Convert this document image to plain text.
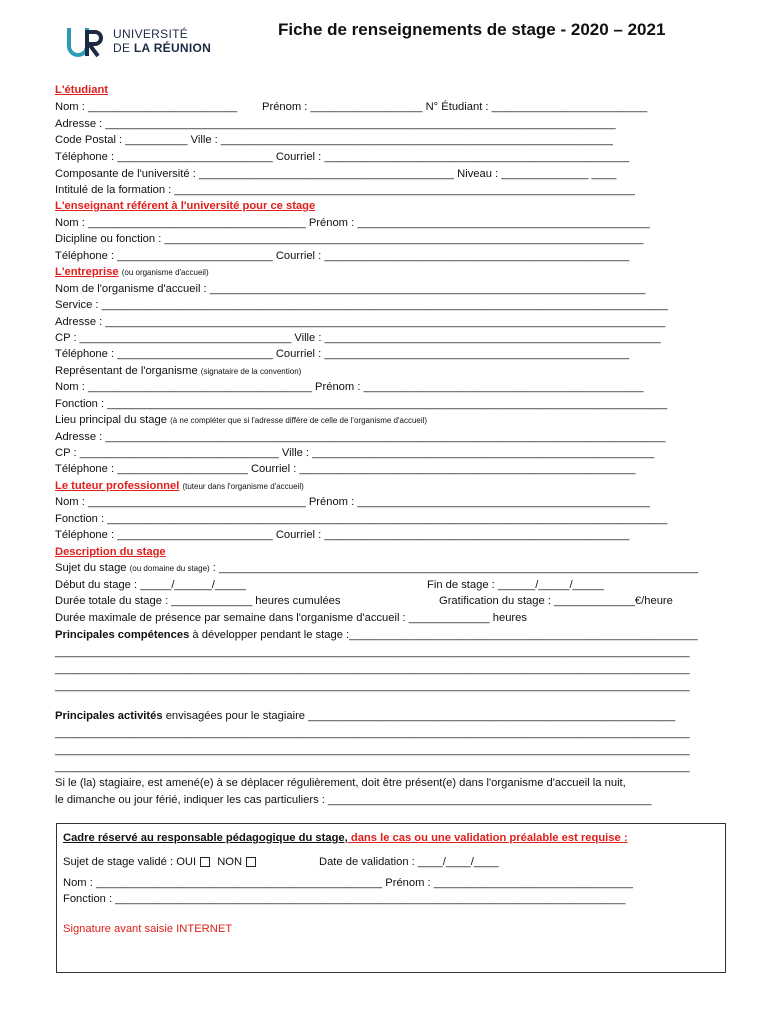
UNIVERSITÉ
DE LA RÉUNION
Fiche de renseignements de stage - 2020 – 2021
L'étudiant
Nom : ________________________ Prénom : __________________ N° Étudiant : _________________________
Adresse : __________________________________________________________________________________
Code Postal : __________ Ville : _______________________________________________________________
Téléphone : _________________________ Courriel : _________________________________________________
Composante de l'université : _________________________________________ Niveau : ______________ ____
Intitulé de la formation : __________________________________________________________________________
L'enseignant référent à l'université pour ce stage
Nom : ___________________________________ Prénom : _______________________________________________
Dicipline ou fonction : _____________________________________________________________________________
Téléphone : _________________________ Courriel : _________________________________________________
L'entreprise (ou organisme d'accueil)
Nom de l'organisme d'accueil : ______________________________________________________________________
Service : ___________________________________________________________________________________________
Adresse : __________________________________________________________________________________________
CP : __________________________________ Ville : ______________________________________________________
Téléphone : _________________________ Courriel : _________________________________________________
Représentant de l'organisme (signataire de la convention)
Nom : ____________________________________ Prénom : _____________________________________________
Fonction : __________________________________________________________________________________________
Lieu principal du stage (à ne compléter que si l'adresse diffère de celle de l'organisme d'accueil)
Adresse : __________________________________________________________________________________________
CP : ________________________________ Ville : _______________________________________________________
Téléphone : _____________________ Courriel : ______________________________________________________
Le tuteur professionnel (tuteur dans l'organisme d'accueil)
Nom : ___________________________________ Prénom : _______________________________________________
Fonction : __________________________________________________________________________________________
Téléphone : _________________________ Courriel : _________________________________________________
Description du stage
Sujet du stage (ou domaine du stage) : _____________________________________________________________________________
Début du stage : _____/______/_____	Fin de stage : ______/_____/_____
Durée totale du stage : _____________ heures cumulées	Gratification du stage : _____________€/heure
Durée maximale de présence par semaine dans l'organisme d'accueil : _____________ heures
Principales compétences à développer pendant le stage :________________________________________________________
______________________________________________________________________________________________________
______________________________________________________________________________________________________
______________________________________________________________________________________________________
Principales activités envisagées pour le stagiaire ___________________________________________________________
______________________________________________________________________________________________________
______________________________________________________________________________________________________
______________________________________________________________________________________________________
Si le (la) stagiaire, est amené(e) à se déplacer régulièrement, doit être présent(e) dans l'organisme d'accueil la nuit,
le dimanche ou jour férié, indiquer les cas particuliers : ____________________________________________________
Cadre réservé au responsable pédagogique du stage, dans le cas ou une validation préalable est requise :
Sujet de stage validé : OUI NON	Date de validation : ____/____/____
Nom : ______________________________________________ Prénom : ________________________________
Fonction : __________________________________________________________________________________
Signature avant saisie INTERNET
